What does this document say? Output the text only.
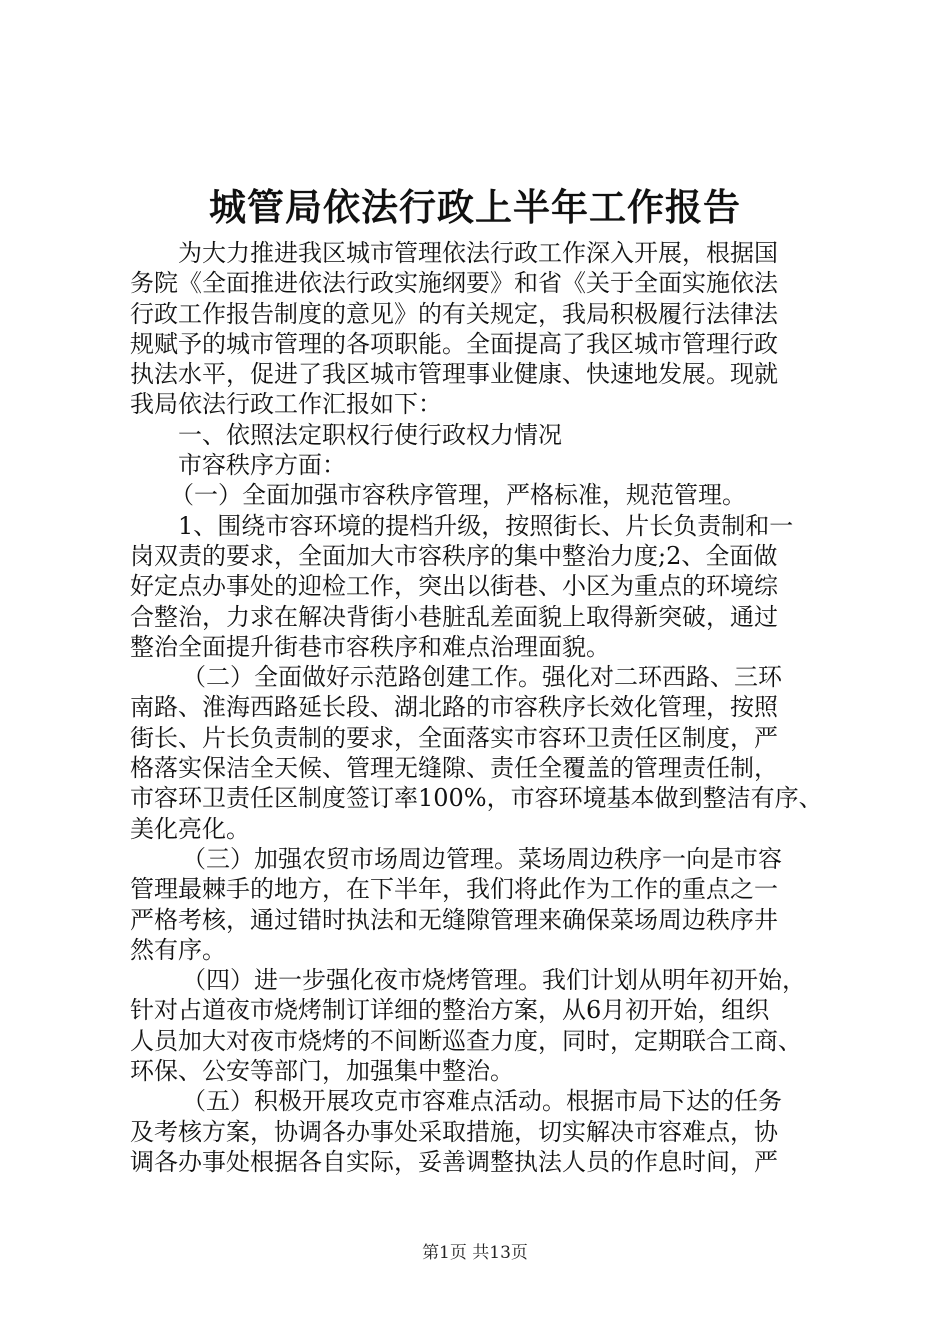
城管局依法行政上半年工作报告
为大力推进我区城市管理依法行政工作深入开展，根据国
务院《全面推进依法行政实施纲要》和省《关于全面实施依法
行政工作报告制度的意见》的有关规定，我局积极履行法律法
规赋予的城市管理的各项职能。全面提高了我区城市管理行政
执法水平，促进了我区城市管理事业健康、快速地发展。现就
我局依法行政工作汇报如下：
一、依照法定职权行使行政权力情况
市容秩序方面：
（一）全面加强市容秩序管理，严格标准，规范管理。
1、围绕市容环境的提档升级，按照街长、片长负责制和一
岗双责的要求，全面加大市容秩序的集中整治力度;2、全面做
好定点办事处的迎检工作，突出以街巷、小区为重点的环境综
合整治，力求在解决背街小巷脏乱差面貌上取得新突破，通过
整治全面提升街巷市容秩序和难点治理面貌。
（二）全面做好示范路创建工作。强化对二环西路、三环
南路、淮海西路延长段、湖北路的市容秩序长效化管理，按照
街长、片长负责制的要求，全面落实市容环卫责任区制度，严
格落实保洁全天候、管理无缝隙、责任全覆盖的管理责任制，
市容环卫责任区制度签订率100%，市容环境基本做到整洁有序、
美化亮化。
（三）加强农贸市场周边管理。菜场周边秩序一向是市容
管理最棘手的地方，在下半年，我们将此作为工作的重点之一
严格考核，通过错时执法和无缝隙管理来确保菜场周边秩序井
然有序。
（四）进一步强化夜市烧烤管理。我们计划从明年初开始，
针对占道夜市烧烤制订详细的整治方案，从6月初开始，组织
人员加大对夜市烧烤的不间断巡查力度，同时，定期联合工商、
环保、公安等部门，加强集中整治。
（五）积极开展攻克市容难点活动。根据市局下达的任务
及考核方案，协调各办事处采取措施，切实解决市容难点，协
调各办事处根据各自实际，妥善调整执法人员的作息时间，严
第1页 共13页
